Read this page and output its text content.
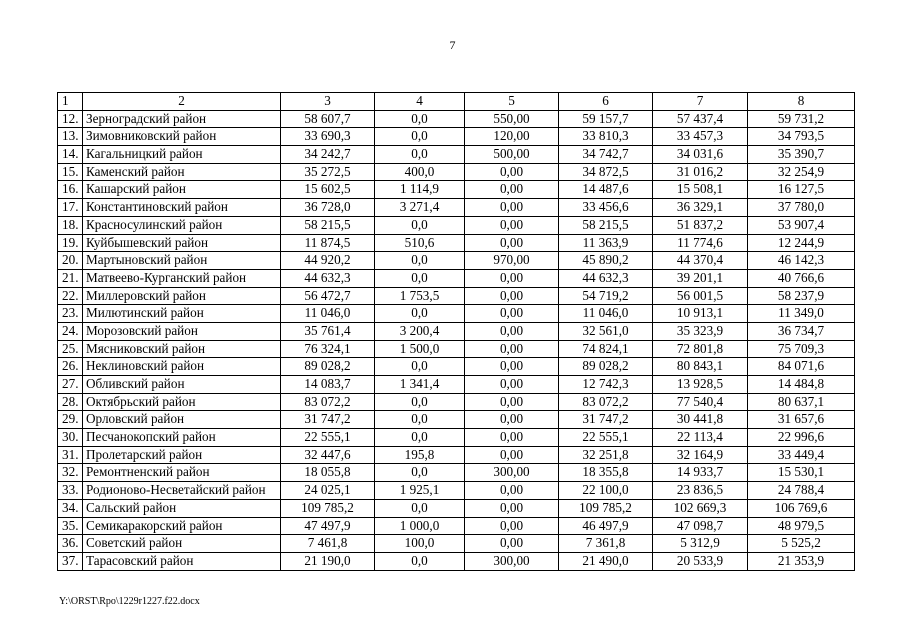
7
1	2	3	4	5	6	7	8
12.	Зерноградский район	58 607,7	0,0	550,00	59 157,7	57 437,4	59 731,2
13.	Зимовниковский район	33 690,3	0,0	120,00	33 810,3	33 457,3	34 793,5
14.	Кагальницкий район	34 242,7	0,0	500,00	34 742,7	34 031,6	35 390,7
15.	Каменский район	35 272,5	400,0	0,00	34 872,5	31 016,2	32 254,9
16.	Кашарский район	15 602,5	1 114,9	0,00	14 487,6	15 508,1	16 127,5
17.	Константиновский район	36 728,0	3 271,4	0,00	33 456,6	36 329,1	37 780,0
18.	Красносулинский район	58 215,5	0,0	0,00	58 215,5	51 837,2	53 907,4
19.	Куйбышевский район	11 874,5	510,6	0,00	11 363,9	11 774,6	12 244,9
20.	Мартыновский район	44 920,2	0,0	970,00	45 890,2	44 370,4	46 142,3
21.	Матвеево-Курганский район	44 632,3	0,0	0,00	44 632,3	39 201,1	40 766,6
22.	Миллеровский район	56 472,7	1 753,5	0,00	54 719,2	56 001,5	58 237,9
23.	Милютинский район	11 046,0	0,0	0,00	11 046,0	10 913,1	11 349,0
24.	Морозовский район	35 761,4	3 200,4	0,00	32 561,0	35 323,9	36 734,7
25.	Мясниковский район	76 324,1	1 500,0	0,00	74 824,1	72 801,8	75 709,3
26.	Неклиновский район	89 028,2	0,0	0,00	89 028,2	80 843,1	84 071,6
27.	Обливский район	14 083,7	1 341,4	0,00	12 742,3	13 928,5	14 484,8
28.	Октябрьский район	83 072,2	0,0	0,00	83 072,2	77 540,4	80 637,1
29.	Орловский район	31 747,2	0,0	0,00	31 747,2	30 441,8	31 657,6
30.	Песчанокопский район	22 555,1	0,0	0,00	22 555,1	22 113,4	22 996,6
31.	Пролетарский район	32 447,6	195,8	0,00	32 251,8	32 164,9	33 449,4
32.	Ремонтненский район	18 055,8	0,0	300,00	18 355,8	14 933,7	15 530,1
33.	Родионово-Несветайский район	24 025,1	1 925,1	0,00	22 100,0	23 836,5	24 788,4
34.	Сальский район	109 785,2	0,0	0,00	109 785,2	102 669,3	106 769,6
35.	Семикаракорский район	47 497,9	1 000,0	0,00	46 497,9	47 098,7	48 979,5
36.	Советский район	7 461,8	100,0	0,00	7 361,8	5 312,9	5 525,2
37.	Тарасовский район	21 190,0	0,0	300,00	21 490,0	20 533,9	21 353,9
Y:\ORST\Rpo\1229r1227.f22.docx
